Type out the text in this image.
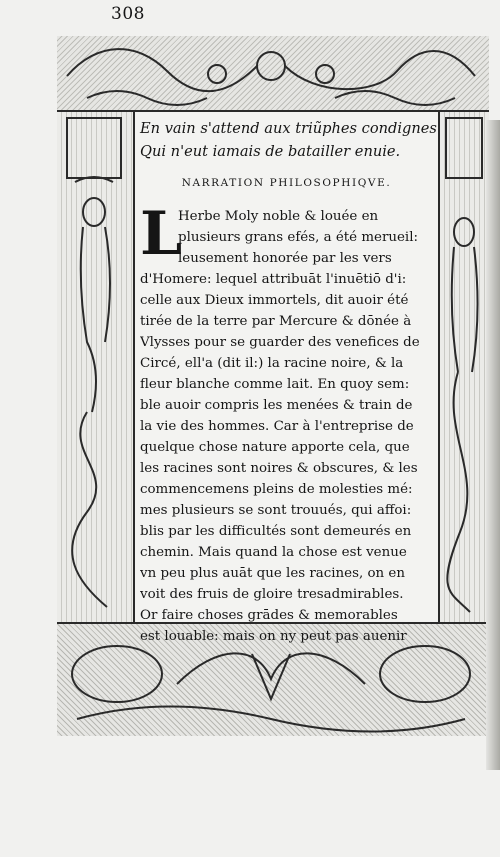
308
En vain s'attend aux triũphes condignes
Qui n'eut iamais de batailler enuie.
NARRATION PHILOSOPHIQVE.
L
Herbe Moly noble & louée en
plusieurs grans efés, a été merueil:
leusement honorée par les vers
d'Homere: lequel attribuāt l'inuētiō d'i:
celle aux Dieux immortels, dit auoir été
tirée de la terre par Mercure & dōnée à
Vlysses pour se guarder des venefices de
Circé, ell'a (dit il:) la racine noire, & la
fleur blanche comme lait. En quoy sem:
ble auoir compris les menées & train de
la vie des hommes. Car à l'entreprise de
quelque chose nature apporte cela, que
les racines sont noires & obscures, & les
commencemens pleins de molesties mé:
mes plusieurs se sont trouués, qui affoi:
blis par les difficultés sont demeurés en
chemin. Mais quand la chose est venue
vn peu plus auāt que les racines, on en
voit des fruis de gloire tresadmirables.
Or faire choses grādes & memorables
est louable: mais on ny peut pas auenir
